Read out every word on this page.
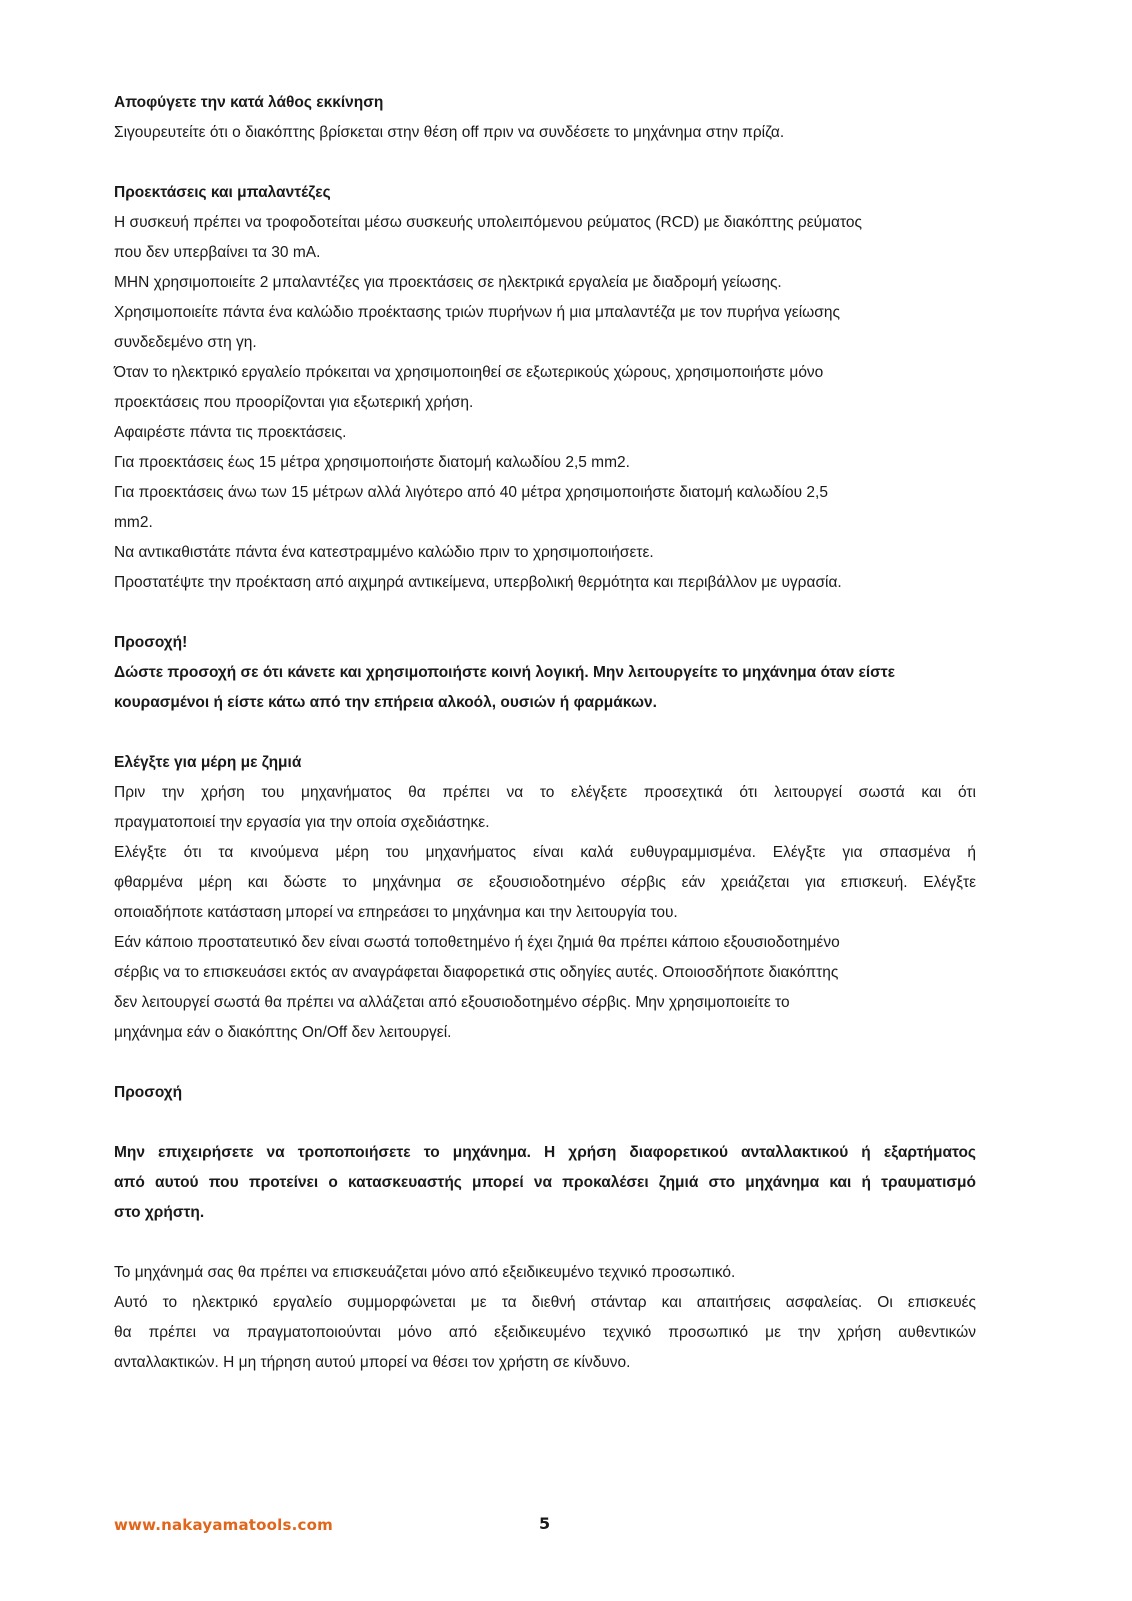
Αποφύγετε την κατά λάθος εκκίνηση

Σιγουρευτείτε ότι ο διακόπτης βρίσκεται στην θέση off πριν να συνδέσετε το μηχάνημα στην πρίζα.

Προεκτάσεις και μπαλαντέζες

Η συσκευή πρέπει να τροφοδοτείται μέσω συσκευής υπολειπόμενου ρεύματος (RCD) με διακόπτης ρεύματος

που δεν υπερβαίνει τα 30 mA.

ΜΗΝ χρησιμοποιείτε 2 μπαλαντέζες για προεκτάσεις σε ηλεκτρικά εργαλεία με διαδρομή γείωσης.

Χρησιμοποιείτε πάντα ένα καλώδιο προέκτασης τριών πυρήνων ή μια μπαλαντέζα με τον πυρήνα γείωσης

συνδεδεμένο στη γη.

Όταν το ηλεκτρικό εργαλείο πρόκειται να χρησιμοποιηθεί σε εξωτερικούς χώρους, χρησιμοποιήστε μόνο

προεκτάσεις που προορίζονται για εξωτερική χρήση.

Αφαιρέστε πάντα τις προεκτάσεις.

Για προεκτάσεις έως 15 μέτρα χρησιμοποιήστε διατομή καλωδίου 2,5 mm2.

Για προεκτάσεις άνω των 15 μέτρων αλλά λιγότερο από 40 μέτρα χρησιμοποιήστε διατομή καλωδίου 2,5

mm2.

Να αντικαθιστάτε πάντα ένα κατεστραμμένο καλώδιο πριν το χρησιμοποιήσετε.

Προστατέψτε την προέκταση από αιχμηρά αντικείμενα, υπερβολική θερμότητα και περιβάλλον με υγρασία.

Προσοχή!

Δώστε προσοχή σε ότι κάνετε και χρησιμοποιήστε κοινή λογική. Μην λειτουργείτε το μηχάνημα όταν είστε

κουρασμένοι ή είστε κάτω από την επήρεια αλκοόλ, ουσιών ή φαρμάκων.

Ελέγξτε για μέρη με ζημιά

Πριν την χρήση του μηχανήματος θα πρέπει να το ελέγξετε προσεχτικά ότι λειτουργεί σωστά και ότι

πραγματοποιεί την εργασία για την οποία σχεδιάστηκε.

Ελέγξτε ότι τα κινούμενα μέρη του μηχανήματος είναι καλά ευθυγραμμισμένα. Ελέγξτε για σπασμένα ή

φθαρμένα μέρη και δώστε το μηχάνημα σε εξουσιοδοτημένο σέρβις εάν χρειάζεται για επισκευή. Ελέγξτε

οποιαδήποτε κατάσταση μπορεί να επηρεάσει το μηχάνημα και την λειτουργία του.

Εάν κάποιο προστατευτικό δεν είναι σωστά τοποθετημένο ή έχει ζημιά θα πρέπει κάποιο εξουσιοδοτημένο

σέρβις να το επισκευάσει εκτός αν αναγράφεται διαφορετικά στις οδηγίες αυτές. Οποιοσδήποτε διακόπτης

δεν λειτουργεί σωστά θα πρέπει να αλλάζεται από εξουσιοδοτημένο σέρβις. Μην χρησιμοποιείτε το

μηχάνημα εάν ο διακόπτης On/Off δεν λειτουργεί.

Προσοχή

Μην επιχειρήσετε να τροποποιήσετε το μηχάνημα. Η χρήση διαφορετικού ανταλλακτικού ή εξαρτήματος

από αυτού που προτείνει ο κατασκευαστής μπορεί να προκαλέσει ζημιά στο μηχάνημα και ή τραυματισμό

στο χρήστη.

Το μηχάνημά σας θα πρέπει να επισκευάζεται μόνο από εξειδικευμένο τεχνικό προσωπικό.

Αυτό το ηλεκτρικό εργαλείο συμμορφώνεται με τα διεθνή στάνταρ και απαιτήσεις ασφαλείας. Οι επισκευές

θα πρέπει να πραγματοποιούνται μόνο από εξειδικευμένο τεχνικό προσωπικό με την χρήση αυθεντικών

ανταλλακτικών. Η μη τήρηση αυτού μπορεί να θέσει τον χρήστη σε κίνδυνο.

www.nakayamatools.com	5
